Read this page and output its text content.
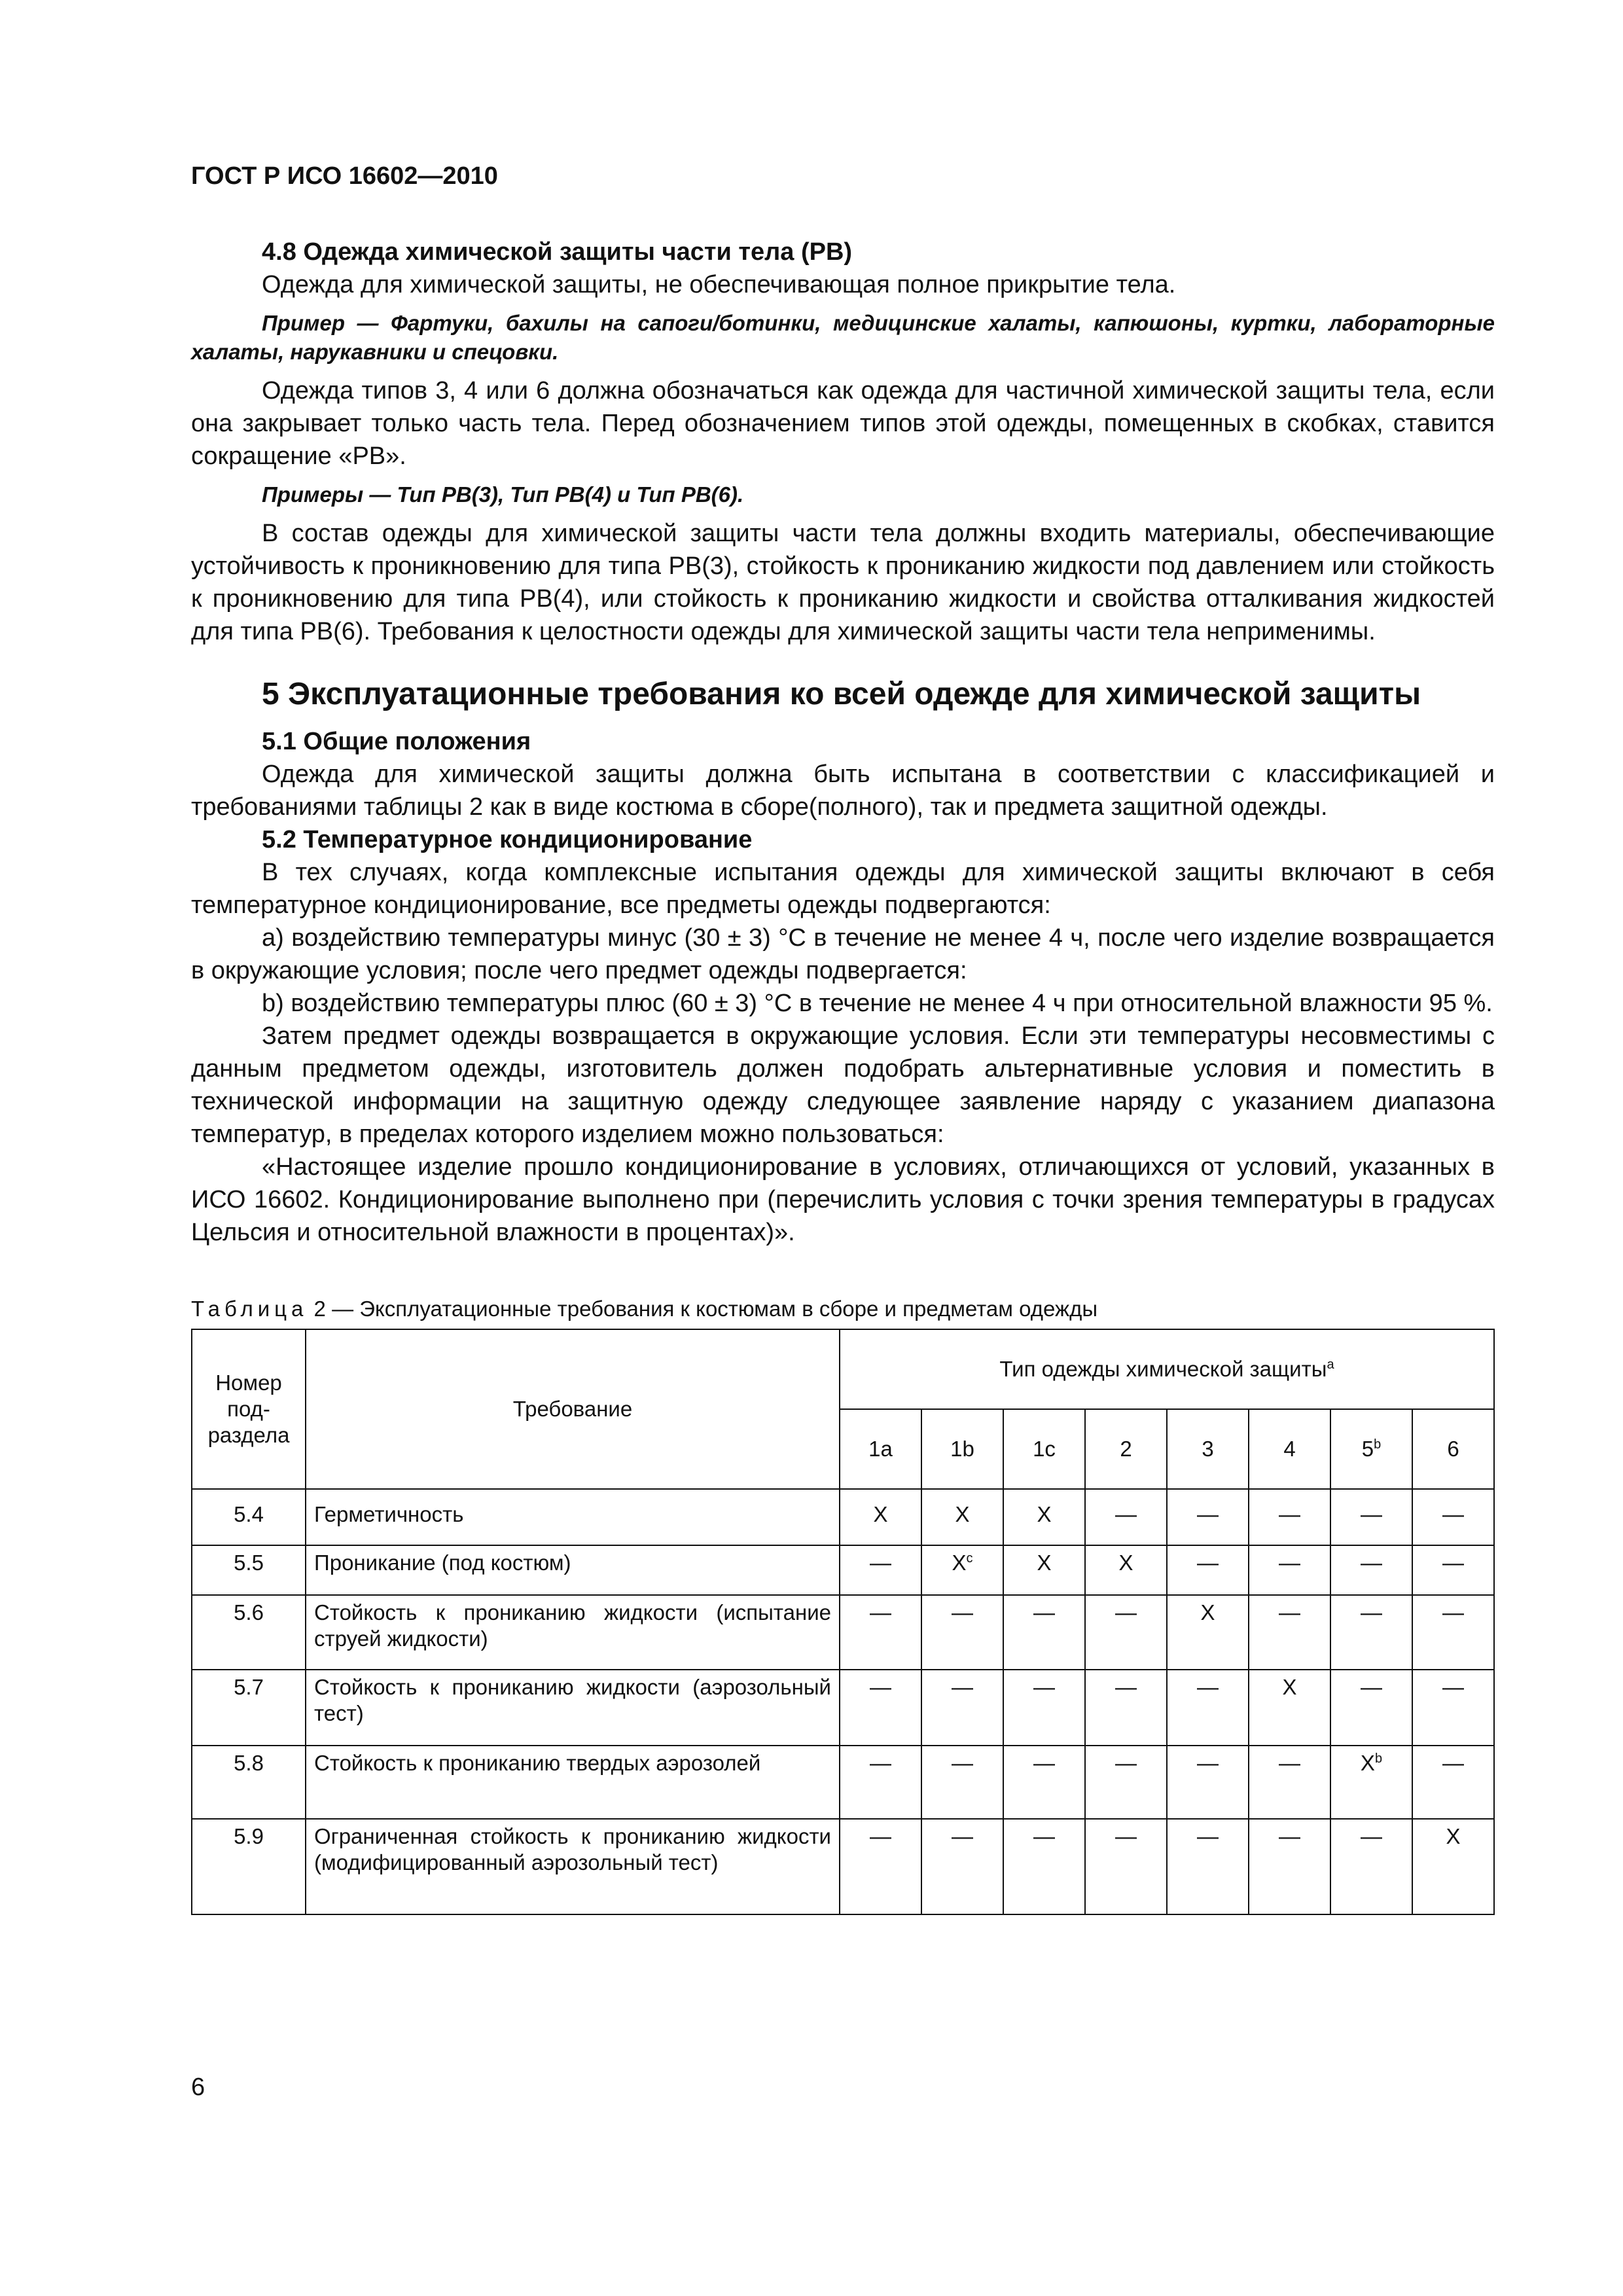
ГОСТ Р ИСО 16602—2010
4.8 Одежда химической защиты части тела (PB)

Одежда для химической защиты, не обеспечивающая полное прикрытие тела.

Пример — Фартуки, бахилы на сапоги/ботинки, медицинские халаты, капюшоны, куртки, лабораторные халаты, нарукавники и спецовки.

Одежда типов 3, 4 или 6 должна обозначаться как одежда для частичной химической защиты тела, если она закрывает только часть тела. Перед обозначением типов этой одежды, помещенных в скобках, ставится сокращение «PB».

Примеры — Тип PB(3), Тип PB(4) и Тип PB(6).

В состав одежды для химической защиты части тела должны входить материалы, обеспечивающие устойчивость к проникновению для типа PB(3), стойкость к проникaнию жидкости под давлением или стойкость к проникновению для типа PB(4), или стойкость к проникaнию жидкости и свойства отталкивания жидкостей для типа PB(6). Требования к целостности одежды для химической защиты части тела неприменимы.

5 Эксплуатационные требования ко всей одежде для химической защиты
5.1 Общие положения

Одежда для химической защиты должна быть испытана в соответствии с классификацией и требованиями таблицы 2 как в виде костюма в сборе(полного), так и предмета защитной одежды.

5.2 Температурное кондиционирование

В тех случаях, когда комплексные испытания одежды для химической защиты включают в себя температурное кондиционирование, все предметы одежды подвергаются:

а) воздействию температуры минус (30 ± 3) °С в течение не менее 4 ч, после чего изделие возвращается в окружающие условия; после чего предмет одежды подвергается:

b) воздействию температуры плюс (60 ± 3) °С в течение не менее 4 ч при относительной влажности 95 %.

Затем предмет одежды возвращается в окружающие условия. Если эти температуры несовместимы с данным предметом одежды, изготовитель должен подобрать альтернативные условия и поместить в технической информации на защитную одежду следующее заявление наряду с указанием диапазона температур, в пределах которого изделием можно пользоваться:

«Настоящее изделие прошло кондиционирование в условиях, отличающихся от условий, указанных в ИСО 16602. Кондиционирование выполнено при (перечислить условия с точки зрения температуры в градусах Цельсия и относительной влажности в процентах)».

Таблица 2 — Эксплуатационные требования к костюмам в сборе и предметам одежды
Номер под-раздела	Требование	Тип одежды химической защиты$^a$
		1a	1b	1c	2	3	4	5$^b$	6
5.4	Герметичность	X	X	X	—	—	—	—	—
5.5	Проникание (под костюм)	—	$X^c$	X	X	—	—	—	—
5.6	Стойкость к прониканию жидкости (испытание струей жидкости)	—	—	—	—	X	—	—	—
5.7	Стойкость к прониканию жидкости (аэрозольный тест)	—	—	—	—	—	X	—	—
5.8	Стойкость к прониканию твердых аэрозолей	—	—	—	—	—	—	$X^b$	—
5.9	Ограниченная стойкость к прониканию жидкости (модифицированный аэрозольный тест)	—	—	—	—	—	—	—	X
6
